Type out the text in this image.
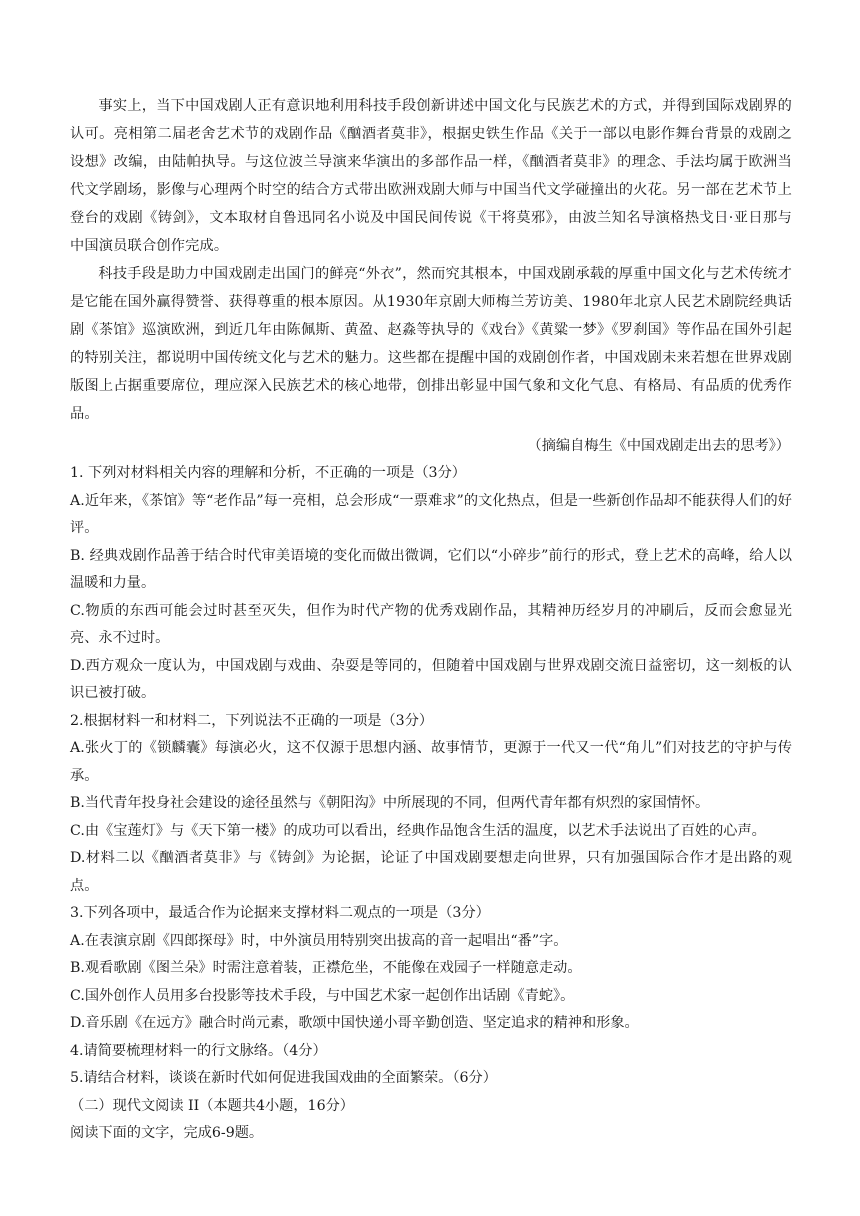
事实上，当下中国戏剧人正有意识地利用科技手段创新讲述中国文化与民族艺术的方式，并得到国际戏剧界的认可。亮相第二届老舍艺术节的戏剧作品《酗酒者莫非》，根据史铁生作品《关于一部以电影作舞台背景的戏剧之设想》改编，由陆帕执导。与这位波兰导演来华演出的多部作品一样，《酗酒者莫非》的理念、手法均属于欧洲当代文学剧场，影像与心理两个时空的结合方式带出欧洲戏剧大师与中国当代文学碰撞出的火花。另一部在艺术节上登台的戏剧《铸剑》，文本取材自鲁迅同名小说及中国民间传说《干将莫邪》，由波兰知名导演格热戈日·亚日那与中国演员联合创作完成。

科技手段是助力中国戏剧走出国门的鲜亮“外衣”，然而究其根本，中国戏剧承载的厚重中国文化与艺术传统才是它能在国外赢得赞誉、获得尊重的根本原因。从1930年京剧大师梅兰芳访美、1980年北京人民艺术剧院经典话剧《茶馆》巡演欧洲，到近几年由陈佩斯、黄盈、赵淼等执导的《戏台》《黄粱一梦》《罗刹国》等作品在国外引起的特别关注，都说明中国传统文化与艺术的魅力。这些都在提醒中国的戏剧创作者，中国戏剧未来若想在世界戏剧版图上占据重要席位，理应深入民族艺术的核心地带，创排出彰显中国气象和文化气息、有格局、有品质的优秀作品。

（摘编自梅生《中国戏剧走出去的思考》）

1. 下列对材料相关内容的理解和分析，不正确的一项是（3分）

A.近年来，《茶馆》等“老作品”每一亮相，总会形成“一票难求”的文化热点，但是一些新创作品却不能获得人们的好评。

B. 经典戏剧作品善于结合时代审美语境的变化而做出微调，它们以“小碎步”前行的形式，登上艺术的高峰，给人以温暖和力量。

C.物质的东西可能会过时甚至灭失，但作为时代产物的优秀戏剧作品，其精神历经岁月的冲刷后，反而会愈显光亮、永不过时。

D.西方观众一度认为，中国戏剧与戏曲、杂耍是等同的，但随着中国戏剧与世界戏剧交流日益密切，这一刻板的认识已被打破。

2.根据材料一和材料二，下列说法不正确的一项是（3分）

A.张火丁的《锁麟囊》每演必火，这不仅源于思想内涵、故事情节，更源于一代又一代“角儿”们对技艺的守护与传承。

B.当代青年投身社会建设的途径虽然与《朝阳沟》中所展现的不同，但两代青年都有炽烈的家国情怀。

C.由《宝莲灯》与《天下第一楼》的成功可以看出，经典作品饱含生活的温度，以艺术手法说出了百姓的心声。

D.材料二以《酗酒者莫非》与《铸剑》为论据，论证了中国戏剧要想走向世界，只有加强国际合作才是出路的观点。

3.下列各项中，最适合作为论据来支撑材料二观点的一项是（3分）

A.在表演京剧《四郎探母》时，中外演员用特别突出拔高的音一起唱出“番”字。

B.观看歌剧《图兰朵》时需注意着装，正襟危坐，不能像在戏园子一样随意走动。

C.国外创作人员用多台投影等技术手段，与中国艺术家一起创作出话剧《青蛇》。

D.音乐剧《在远方》融合时尚元素，歌颂中国快递小哥辛勤创造、坚定追求的精神和形象。

4.请简要梳理材料一的行文脉络。（4分）

5.请结合材料，谈谈在新时代如何促进我国戏曲的全面繁荣。（6分）

（二）现代文阅读 II（本题共4小题，16分）

阅读下面的文字，完成6-9题。
